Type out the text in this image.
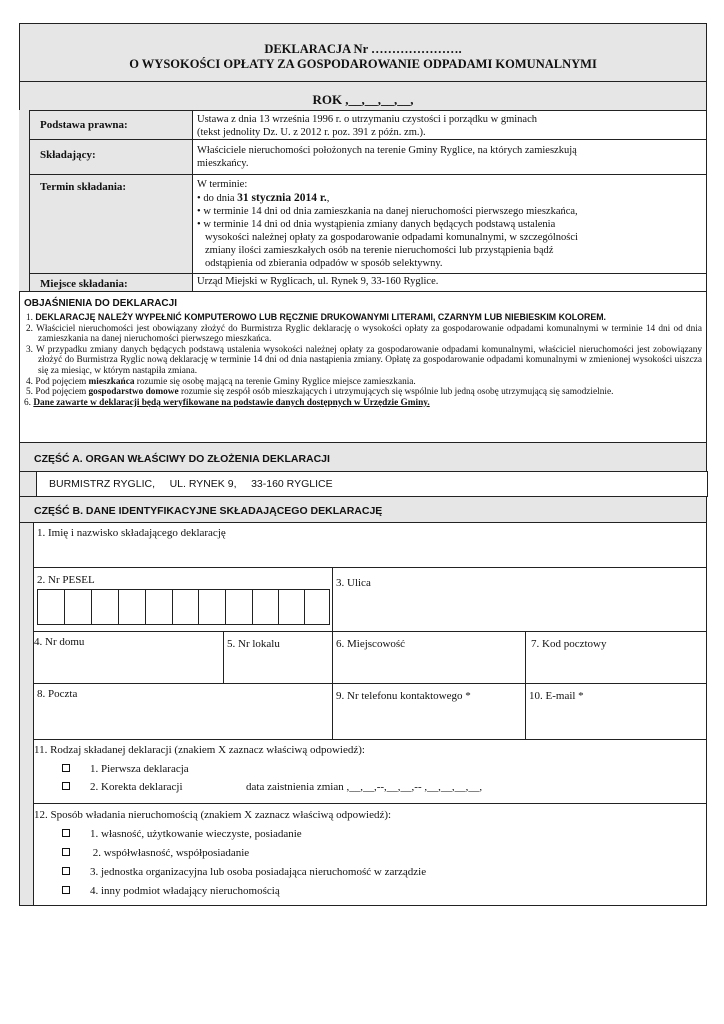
DEKLARACJA Nr ………………….
O WYSOKOŚCI OPŁATY ZA GOSPODAROWANIE ODPADAMI KOMUNALNYMI
ROK ,__,__,__,__,
Podstawa prawna:	Ustawa z dnia 13 września 1996 r. o utrzymaniu czystości i porządku w gminach
(tekst jednolity Dz. U. z 2012 r. poz. 391 z późn. zm.).
Składający:	Właściciele nieruchomości położonych na terenie Gminy Ryglice, na których zamieszkują
mieszkańcy.
Termin składania:	W terminie:
• do dnia 31 stycznia 2014 r.,
• w terminie 14 dni od dnia zamieszkania na danej nieruchomości pierwszego mieszkańca,
• w terminie 14 dni od dnia wystąpienia zmiany danych będących podstawą ustalenia
wysokości należnej opłaty za gospodarowanie odpadami komunalnymi, w szczególności
zmiany ilości zamieszkałych osób na terenie nieruchomości lub przystąpienia bądź
odstąpienia od zbierania odpadów w sposób selektywny.
Miejsce składania:	Urząd Miejski w Ryglicach, ul. Rynek 9, 33-160 Ryglice.
OBJAŚNIENIA DO DEKLARACJI
1. DEKLARACJĘ NALEŻY WYPEŁNIĆ KOMPUTEROWO LUB RĘCZNIE DRUKOWANYMI LITERAMI, CZARNYM LUB NIEBIESKIM KOLOREM.
2. Właściciel nieruchomości jest obowiązany złożyć do Burmistrza Ryglic deklarację o wysokości opłaty za gospodarowanie odpadami komunalnymi w terminie 14 dni od dnia zamieszkania na danej nieruchomości pierwszego mieszkańca.
3. W przypadku zmiany danych będących podstawą ustalenia wysokości należnej opłaty za gospodarowanie odpadami komunalnymi, właściciel nieruchomości jest zobowiązany złożyć do Burmistrza Ryglic nową deklarację w terminie 14 dni od dnia nastąpienia zmiany. Opłatę za gospodarowanie odpadami komunalnymi w zmienionej wysokości uiszcza się za miesiąc, w którym nastąpiła zmiana.
4. Pod pojęciem mieszkańca rozumie się osobę mającą na terenie Gminy Ryglice miejsce zamieszkania.
5. Pod pojęciem gospodarstwo domowe rozumie się zespół osób mieszkających i utrzymujących się wspólnie lub jedną osobę utrzymującą się samodzielnie.
6. Dane zawarte w deklaracji będą weryfikowane na podstawie danych dostępnych w Urzędzie Gminy.
CZĘŚĆ A. ORGAN WŁAŚCIWY DO ZŁOŻENIA DEKLARACJI
BURMISTRZ RYGLIC,     UL. RYNEK 9,     33-160 RYGLICE
CZĘŚĆ B. DANE IDENTYFIKACYJNE SKŁADAJĄCEGO DEKLARACJĘ
1. Imię i nazwisko składającego deklarację
2. Nr PESEL	3. Ulica
4. Nr domu	5. Nr lokalu	6. Miejscowość	7. Kod pocztowy
8. Poczta	9. Nr telefonu kontaktowego *	10. E-mail *
11. Rodzaj składanej deklaracji (znakiem X zaznacz właściwą odpowiedź):
1. Pierwsza deklaracja
2. Korekta deklaracji	data zaistnienia zmian ,__,__,--,__,__,-- ,__,__,__,__,
12. Sposób władania nieruchomością (znakiem X zaznacz właściwą odpowiedź):
1. własność, użytkowanie wieczyste, posiadanie
2. współwłasność, współposiadanie
3. jednostka organizacyjna lub osoba posiadająca nieruchomość w zarządzie
4. inny podmiot władający nieruchomością
